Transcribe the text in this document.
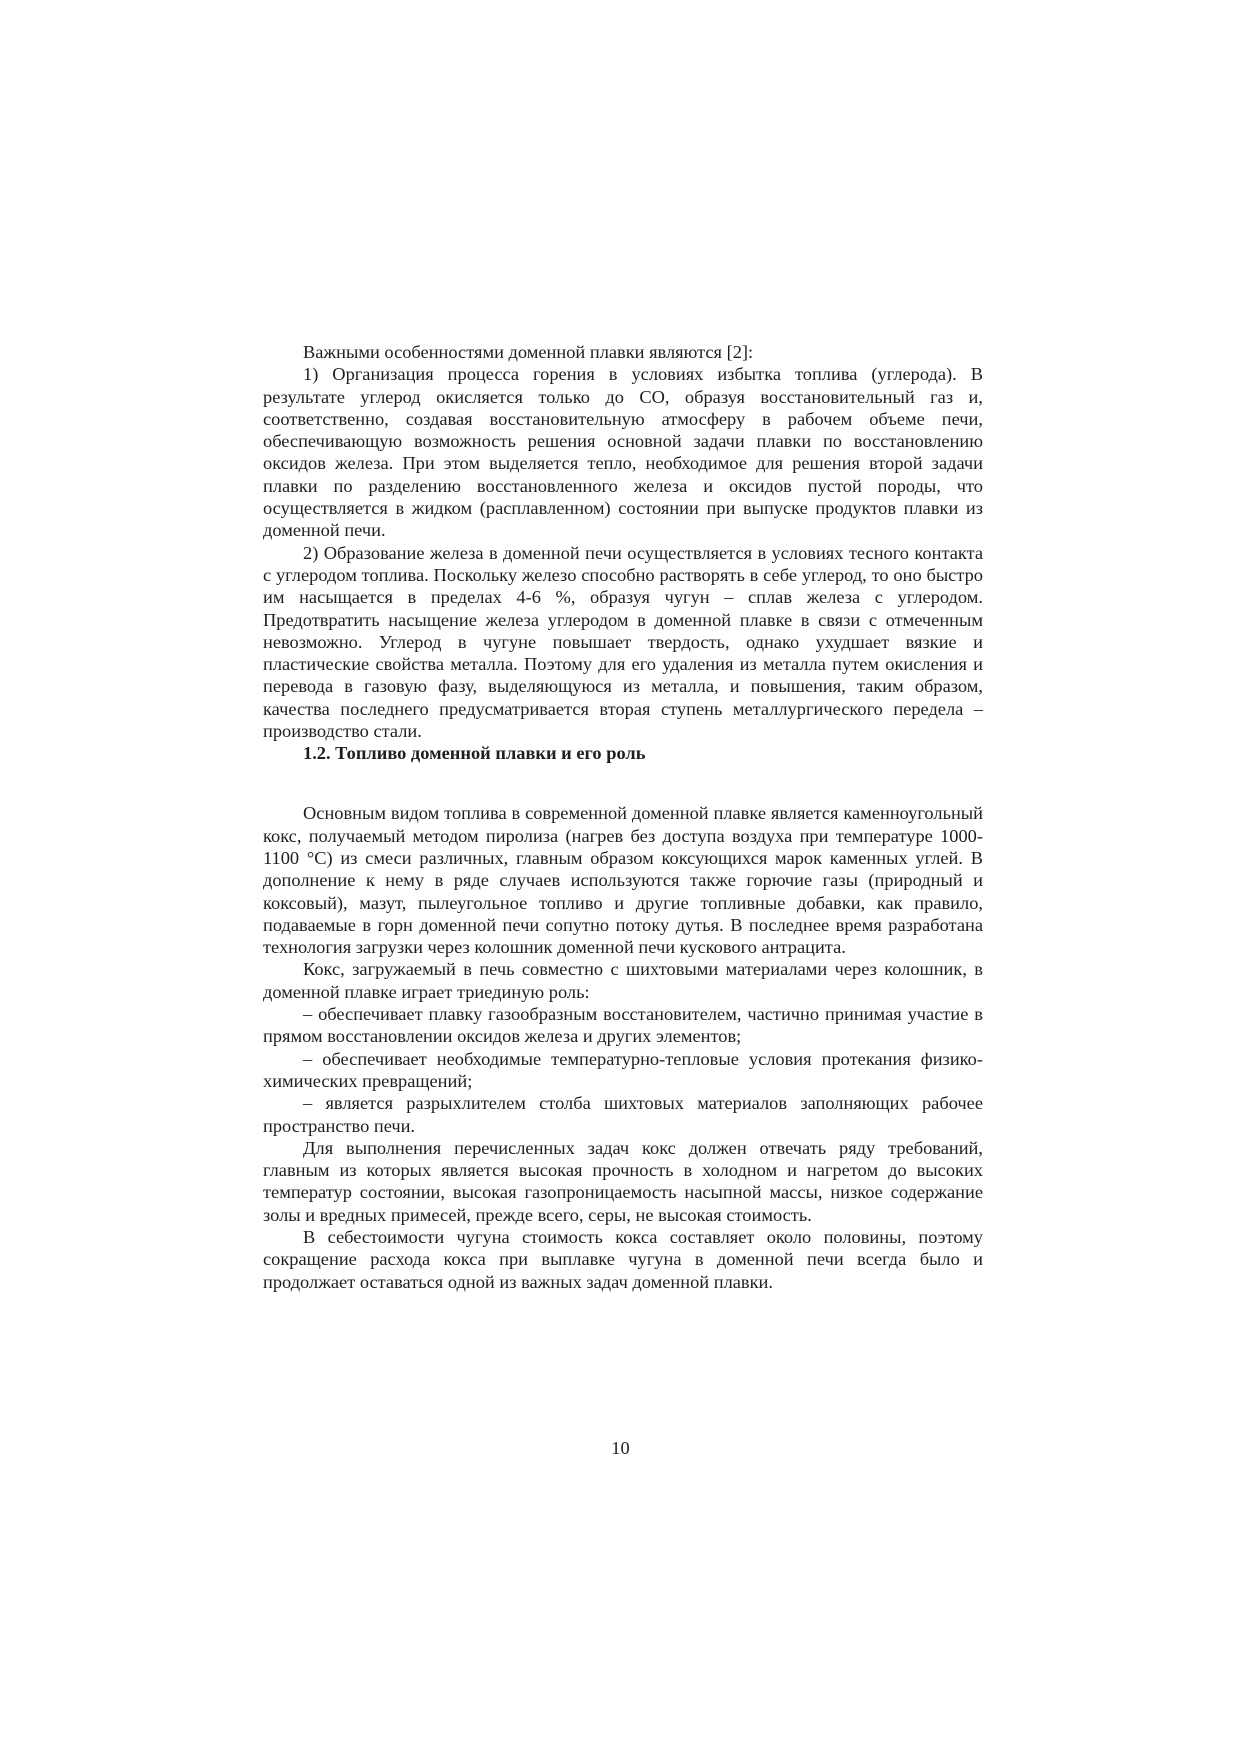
Важными особенностями доменной плавки являются [2]:

1) Организация процесса горения в условиях избытка топлива (углерода). В результате углерод окисляется только до СО, образуя восстановительный газ и, соответственно, создавая восстановительную атмосферу в рабочем объеме печи, обеспечивающую возможность решения основной задачи плавки по восстановлению оксидов железа. При этом выделяется тепло, необходимое для решения второй задачи плавки по разделению восстановленного железа и оксидов пустой породы, что осуществляется в жидком (расплавленном) состоянии при выпуске продуктов плавки из доменной печи.

2) Образование железа в доменной печи осуществляется в условиях тесного контакта с углеродом топлива. Поскольку железо способно растворять в себе углерод, то оно быстро им насыщается в пределах 4-6 %, образуя чугун – сплав железа с углеродом. Предотвратить насыщение железа углеродом в доменной плавке в связи с отмеченным невозможно. Углерод в чугуне повышает твердость, однако ухудшает вязкие и пластические свойства металла. Поэтому для его удаления из металла путем окисления и перевода в газовую фазу, выделяющуюся из металла, и повышения, таким образом, качества последнего предусматривается вторая ступень металлургического передела – производство стали.

1.2. Топливо доменной плавки и его роль

Основным видом топлива в современной доменной плавке является каменноугольный кокс, получаемый методом пиролиза (нагрев без доступа воздуха при температуре 1000-1100 °С) из смеси различных, главным образом коксующихся марок каменных углей. В дополнение к нему в ряде случаев используются также горючие газы (природный и коксовый), мазут, пылеугольное топливо и другие топливные добавки, как правило, подаваемые в горн доменной печи сопутно потоку дутья. В последнее время разработана технология загрузки через колошник доменной печи кускового антрацита.

Кокс, загружаемый в печь совместно с шихтовыми материалами через колошник, в доменной плавке играет триединую роль:

– обеспечивает плавку газообразным восстановителем, частично принимая участие в прямом восстановлении оксидов железа и других элементов;

– обеспечивает необходимые температурно-тепловые условия протекания физико-химических превращений;

– является разрыхлителем столба шихтовых материалов заполняющих рабочее пространство печи.

Для выполнения перечисленных задач кокс должен отвечать ряду требований, главным из которых является высокая прочность в холодном и нагретом до высоких температур состоянии, высокая газопроницаемость насыпной массы, низкое содержание золы и вредных примесей, прежде всего, серы, не высокая стоимость.

В себестоимости чугуна стоимость кокса составляет около половины, поэтому сокращение расхода кокса при выплавке чугуна в доменной печи всегда было и продолжает оставаться одной из важных задач доменной плавки.

10
